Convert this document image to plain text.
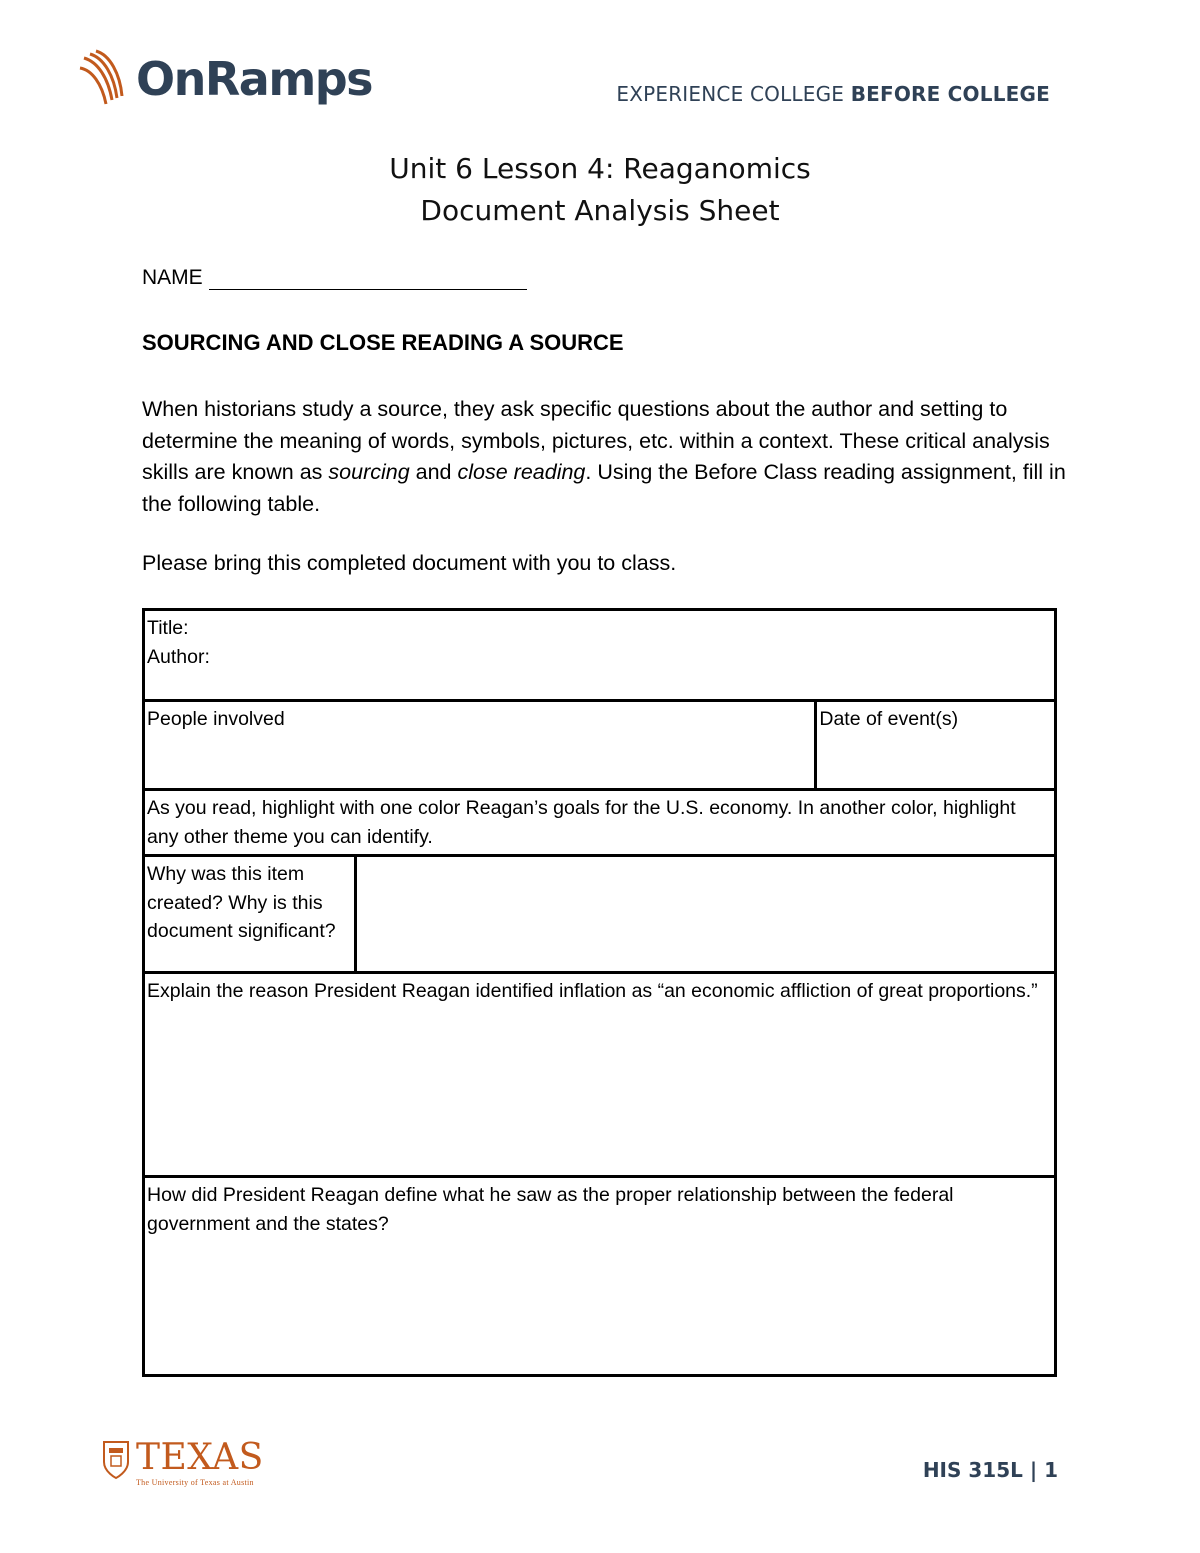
OnRamps	EXPERIENCE COLLEGE BEFORE COLLEGE
Unit 6 Lesson 4: Reaganomics
Document Analysis Sheet
NAME
SOURCING AND CLOSE READING A SOURCE
When historians study a source, they ask specific questions about the author and setting to determine the meaning of words, symbols, pictures, etc. within a context. These critical analysis skills are known as sourcing and close reading. Using the Before Class reading assignment, fill in the following table.
Please bring this completed document with you to class.
Title:
Author:		

People involved		Date of event(s)
As you read, highlight with one color Reagan’s goals for the U.S. economy. In another color, highlight any other theme you can identify.		
Why was this item created? Why is this document significant?		
Explain the reason President Reagan identified inflation as “an economic affliction of great proportions.”		
How did President Reagan define what he saw as the proper relationship between the federal government and the states?		
TEXAS
The University of Texas at Austin
HIS 315L | 1
